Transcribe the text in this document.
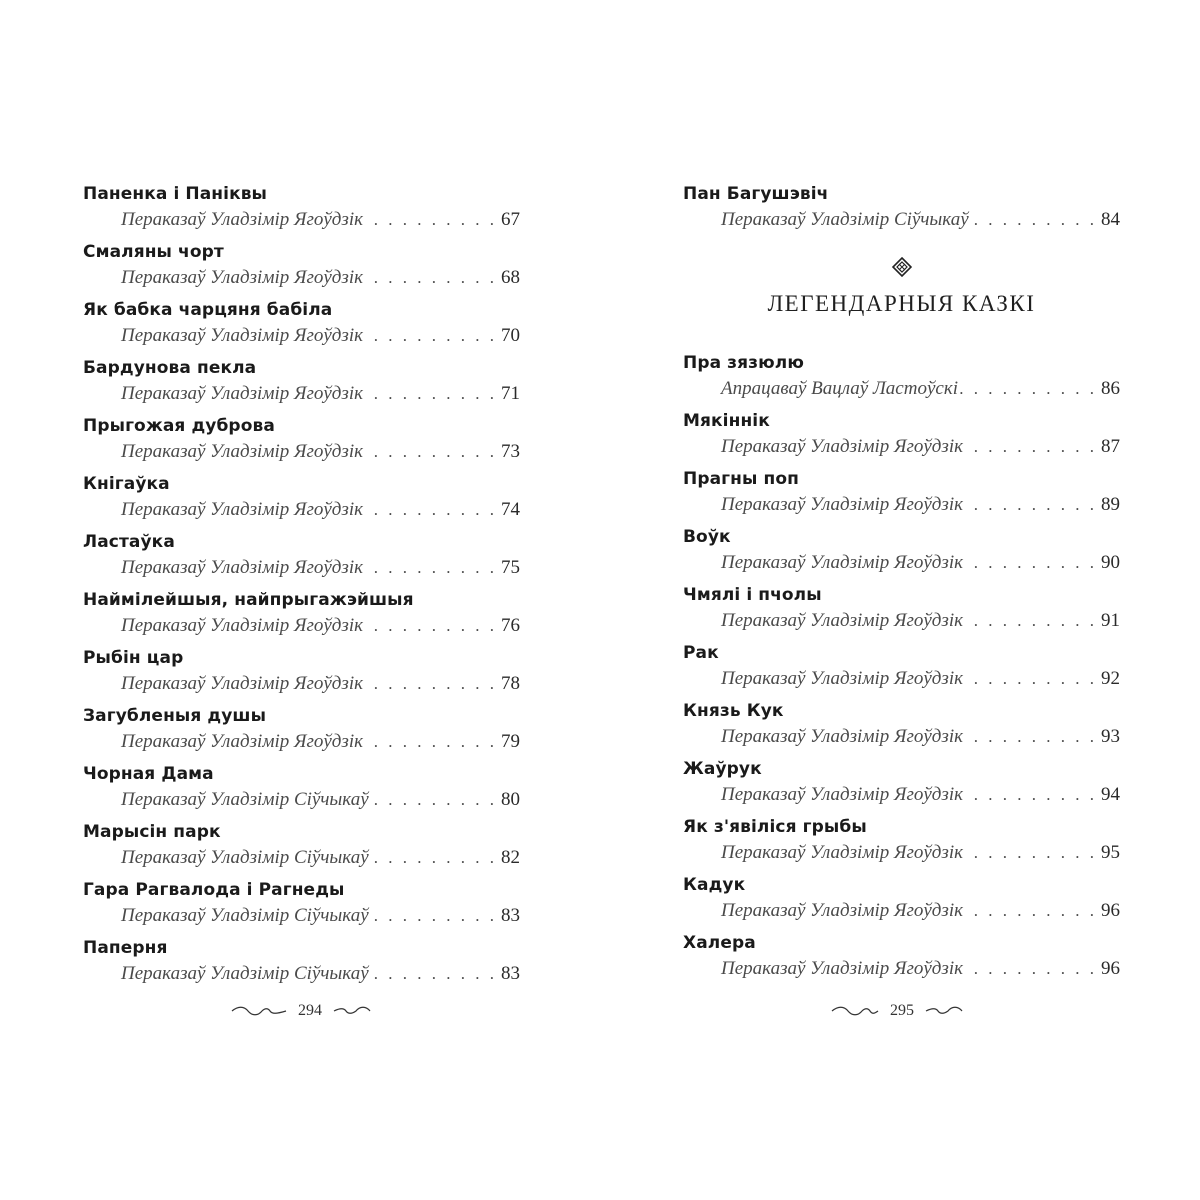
Паненка і Панiквы
Пераказаў Уладзімір Ягоўдзік . . .	67
Смаляны чорт
Пераказаў Уладзімір Ягоўдзік . . .	68
Як бабка чарцяня бабіла
Пераказаў Уладзімір Ягоўдзік . . .	70
Бардунова пекла
Пераказаў Уладзімір Ягоўдзік . . .	71
Прыгожая дуброва
Пераказаў Уладзімір Ягоўдзік . . .	73
Кнiгаўка
Пераказаў Уладзімір Ягоўдзік . . .	74
Ластаўка
Пераказаў Уладзімір Ягоўдзік . . .	75
Наймілейшыя, найпрыгажэйшыя
Пераказаў Уладзімір Ягоўдзік . . .	76
Рыбiн цар
Пераказаў Уладзімір Ягоўдзік . . .	78
Загубленыя душы
Пераказаў Уладзімір Ягоўдзік . . .	79
Чорная Дама
Пераказаў Уладзімір Сiўчыкаў . . .	80
Марысін парк
Пераказаў Уладзімір Сiўчыкаў . . .	82
Гара Рагвалода і Рагнеды
Пераказаў Уладзімір Сiўчыкаў . . .	83
Паперня
Пераказаў Уладзімір Сiўчыкаў . . .	83
Пан Багушэвiч
Пераказаў Уладзімір Сiўчыкаў . . .	84
ЛЕГЕНДАРНЫЯ КАЗКІ
Пра зязюлю
Апрацаваў Вацлаў Ластоўскі . . .	86
Мякiннiк
Пераказаў Уладзімір Ягоўдзік . . .	87
Прагны поп
Пераказаў Уладзімір Ягоўдзік . . .	89
Воўк
Пераказаў Уладзімір Ягоўдзік . . .	90
Чмялі і пчолы
Пераказаў Уладзімір Ягоўдзік . . .	91
Рак
Пераказаў Уладзімір Ягоўдзік . . .	92
Князь Кук
Пераказаў Уладзімір Ягоўдзік . . .	93
Жаўрук
Пераказаў Уладзімір Ягоўдзік . . .	94
Як з'явіліся грыбы
Пераказаў Уладзімір Ягоўдзік . . .	95
Кадук
Пераказаў Уладзімір Ягоўдзік . . .	96
Халера
Пераказаў Уладзімір Ягоўдзік . . .	96
294	295
